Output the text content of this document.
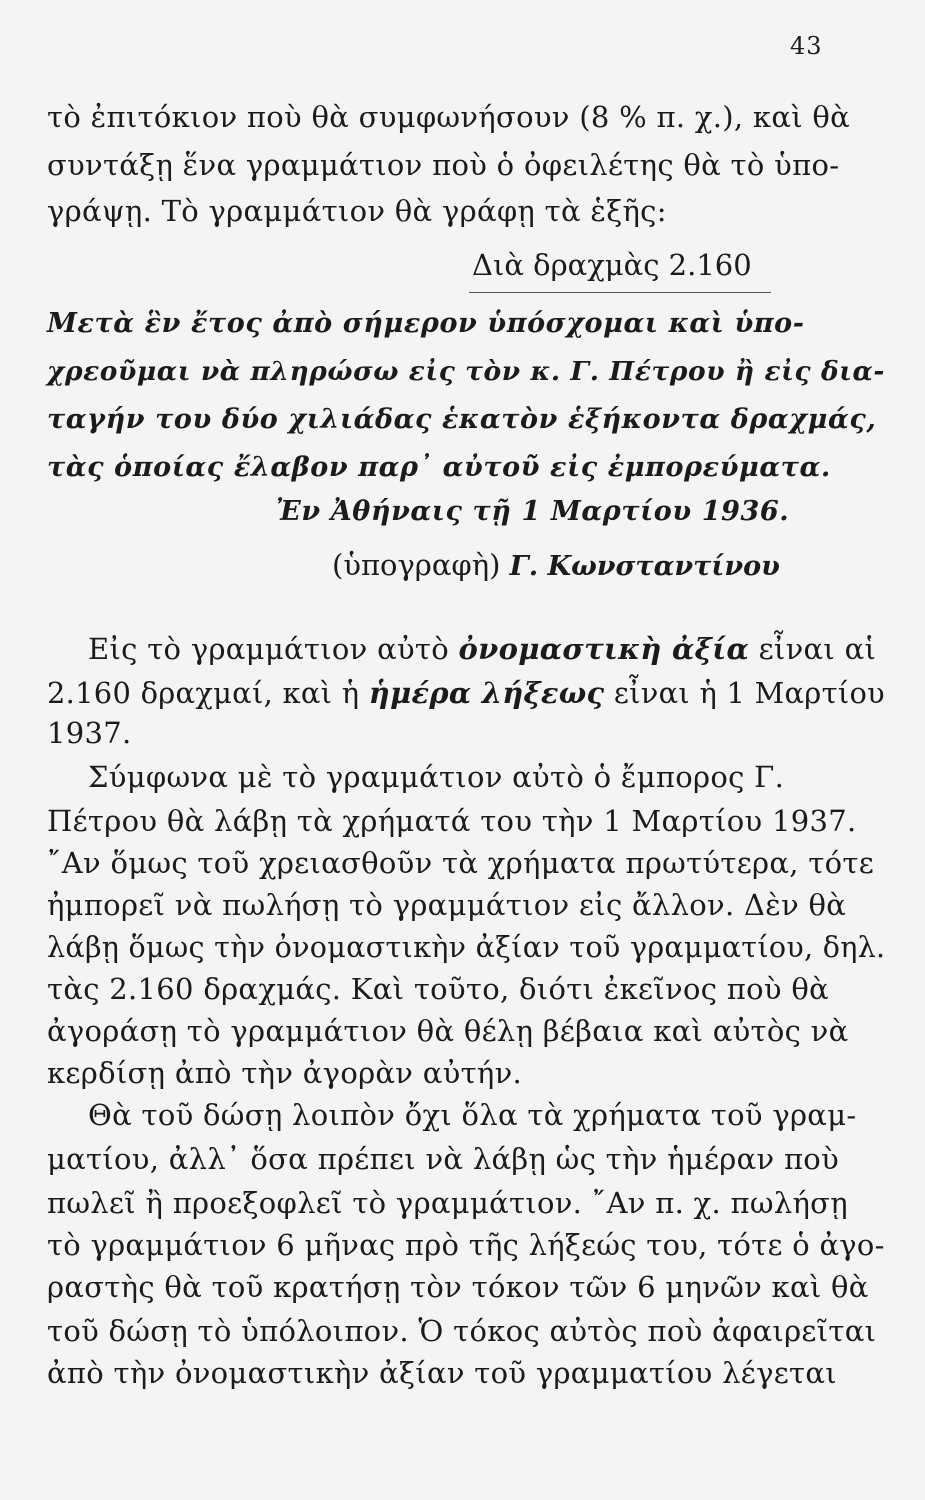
43
τὸ ἐπιτόκιον ποὺ θὰ συμφωνήσουν (8 % π. χ.), καὶ θὰ
συντάξῃ ἕνα γραμμάτιον ποὺ ὁ ὀφειλέτης θὰ τὸ ὑπο-
γράψῃ. Τὸ γραμμάτιον θὰ γράφῃ τὰ ἑξῆς:
Διὰ δραχμὰς 2.160
Μετὰ ἓν ἔτος ἀπὸ σήμερον ὑπόσχομαι καὶ ὑπο-
χρεοῦμαι νὰ πληρώσω εἰς τὸν κ. Γ. Πέτρου ἢ εἰς δια-
ταγήν του δύο χιλιάδας ἑκατὸν ἑξήκοντα δραχμάς,
τὰς ὁποίας ἔλαβον παρ᾽ αὐτοῦ εἰς ἐμπορεύματα.
Ἐν Ἀθήναις τῇ 1 Μαρτίου 1936.
(ὑπογραφὴ) Γ. Κωνσταντίνου
Εἰς τὸ γραμμάτιον αὐτὸ ὀνομαστικὴ ἀξία εἶναι αἱ
2.160 δραχμαί, καὶ ἡ ἡμέρα λήξεως εἶναι ἡ 1 Μαρτίου
1937.
Σύμφωνα μὲ τὸ γραμμάτιον αὐτὸ ὁ ἔμπορος Γ.
Πέτρου θὰ λάβῃ τὰ χρήματά του τὴν 1 Μαρτίου 1937.
῎Αν ὅμως τοῦ χρειασθοῦν τὰ χρήματα πρωτύτερα, τότε
ἠμπορεῖ νὰ πωλήσῃ τὸ γραμμάτιον εἰς ἄλλον. Δὲν θὰ
λάβῃ ὅμως τὴν ὀνομαστικὴν ἀξίαν τοῦ γραμματίου, δηλ.
τὰς 2.160 δραχμάς. Καὶ τοῦτο, διότι ἐκεῖνος ποὺ θὰ
ἀγοράσῃ τὸ γραμμάτιον θὰ θέλῃ βέβαια καὶ αὐτὸς νὰ
κερδίσῃ ἀπὸ τὴν ἀγορὰν αὐτήν.
Θὰ τοῦ δώσῃ λοιπὸν ὄχι ὅλα τὰ χρήματα τοῦ γραμ-
ματίου, ἀλλ᾽ ὅσα πρέπει νὰ λάβῃ ὡς τὴν ἡμέραν ποὺ
πωλεῖ ἢ προεξοφλεῖ τὸ γραμμάτιον. ῎Αν π. χ. πωλήσῃ
τὸ γραμμάτιον 6 μῆνας πρὸ τῆς λήξεώς του, τότε ὁ ἀγο-
ραστὴς θὰ τοῦ κρατήσῃ τὸν τόκον τῶν 6 μηνῶν καὶ θὰ
τοῦ δώσῃ τὸ ὑπόλοιπον. Ὁ τόκος αὐτὸς ποὺ ἀφαιρεῖται
ἀπὸ τὴν ὀνομαστικὴν ἀξίαν τοῦ γραμματίου λέγεται
